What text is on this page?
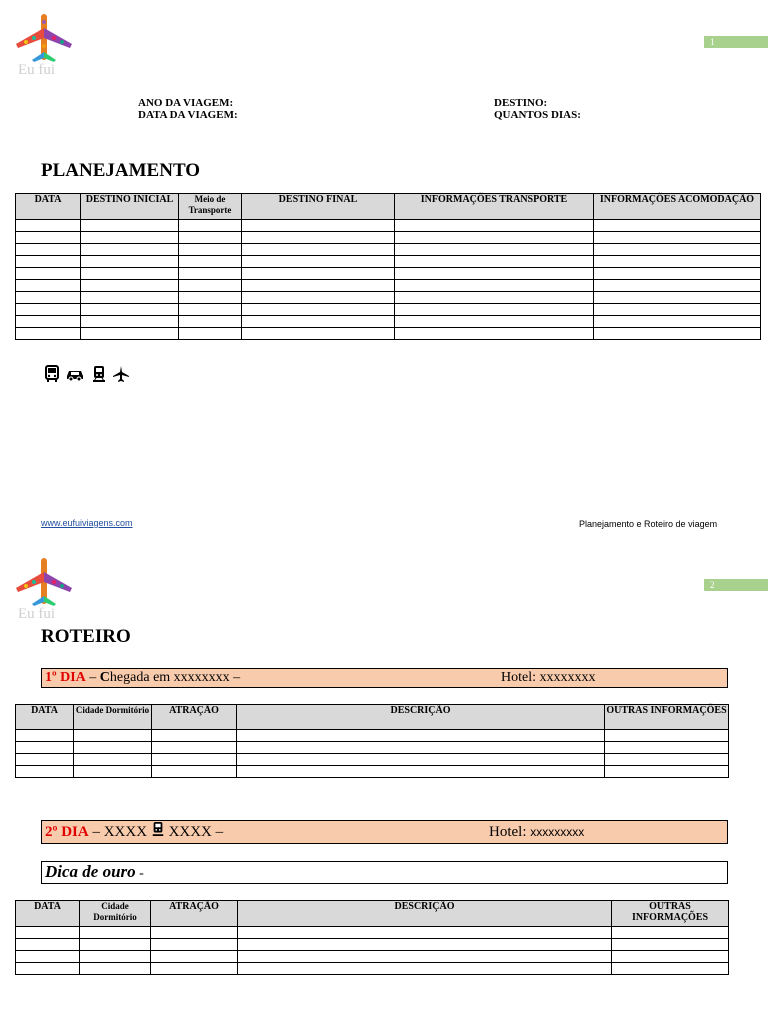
Eu fui
1
ANO DA VIAGEM:
DATA DA VIAGEM:
DESTINO:
QUANTOS DIAS:
PLANEJAMENTO
DATA	DESTINO INICIAL	Meio de Transporte	DESTINO FINAL	INFORMAÇÕES TRANSPORTE	INFORMAÇÕES ACOMODAÇÃO

www.eufuiviagens.com	Planejamento e Roteiro de viagem
Eu fui
2
ROTEIRO
1º DIA – Chegada em xxxxxxxx –	Hotel: xxxxxxxx
DATA	Cidade Dormitório	ATRAÇÃO	DESCRIÇÃO	OUTRAS INFORMAÇÕES

2º DIA – XXXX  XXXX –	Hotel: xxxxxxxxx
Dica de ouro -
DATA	Cidade Dormitório	ATRAÇÃO	DESCRIÇÃO	OUTRAS INFORMAÇÕES
